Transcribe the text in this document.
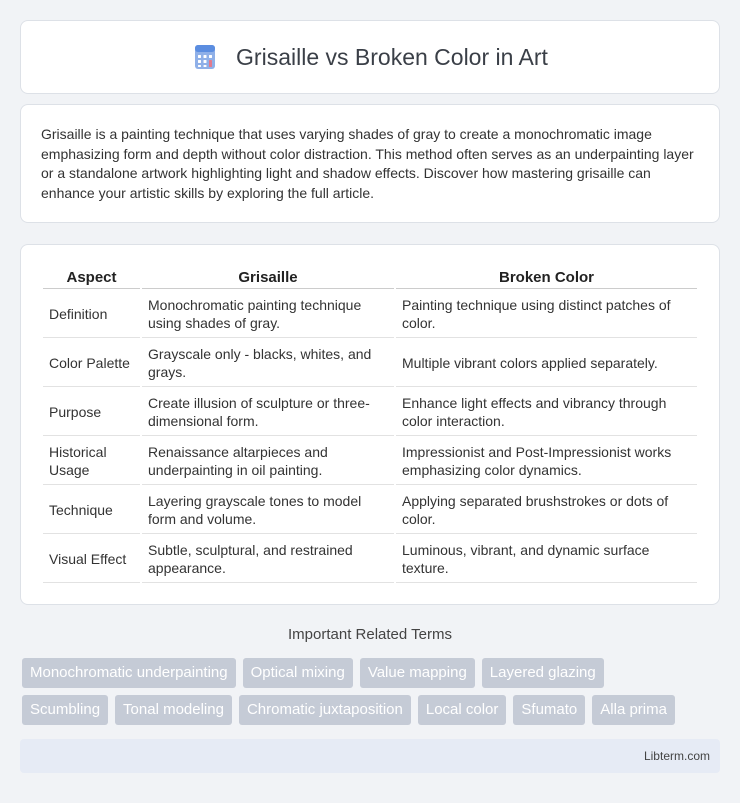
Grisaille vs Broken Color in Art

Grisaille is a painting technique that uses varying shades of gray to create a monochromatic image emphasizing form and depth without color distraction. This method often serves as an underpainting layer or a standalone artwork highlighting light and shadow effects. Discover how mastering grisaille can enhance your artistic skills by exploring the full article.

Aspect	Grisaille	Broken Color
Definition	Monochromatic painting technique using shades of gray.	Painting technique using distinct patches of color.
Color Palette	Grayscale only - blacks, whites, and grays.	Multiple vibrant colors applied separately.
Purpose	Create illusion of sculpture or three-dimensional form.	Enhance light effects and vibrancy through color interaction.
Historical Usage	Renaissance altarpieces and underpainting in oil painting.	Impressionist and Post-Impressionist works emphasizing color dynamics.
Technique	Layering grayscale tones to model form and volume.	Applying separated brushstrokes or dots of color.
Visual Effect	Subtle, sculptural, and restrained appearance.	Luminous, vibrant, and dynamic surface texture.
Important Related Terms
Monochromatic underpainting	Optical mixing	Value mapping	Layered glazing
Scumbling	Tonal modeling	Chromatic juxtaposition	Local color	Sfumato	Alla prima
Libterm.com
